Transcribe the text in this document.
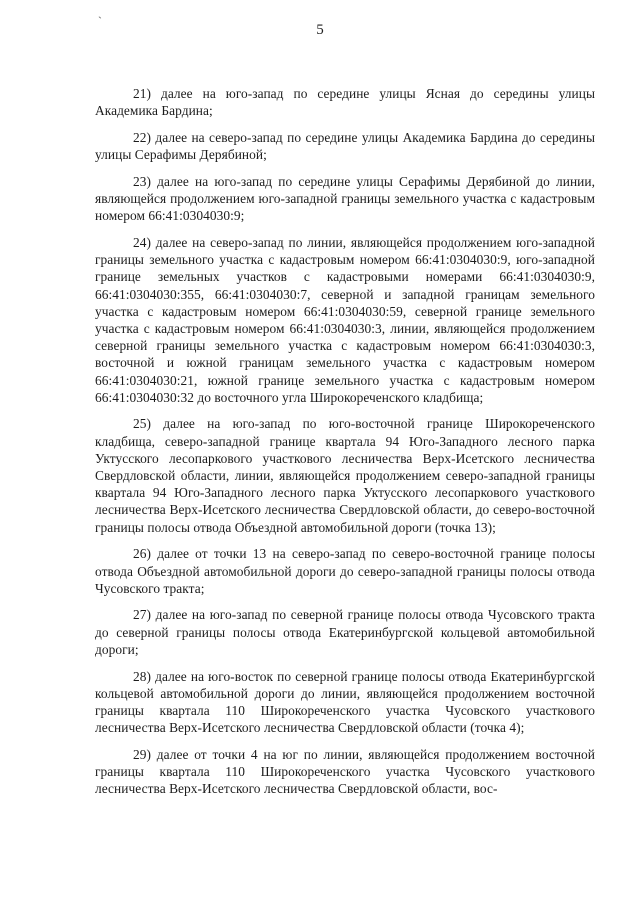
`
5

21) далее на юго-запад по середине улицы Ясная до середины улицы Академика Бардина;

22) далее на северо-запад по середине улицы Академика Бардина до середины улицы Серафимы Дерябиной;

23) далее на юго-запад по середине улицы Серафимы Дерябиной до линии, являющейся продолжением юго-западной границы земельного участка с кадастровым номером 66:41:0304030:9;

24) далее на северо-запад по линии, являющейся продолжением юго-западной границы земельного участка с кадастровым номером 66:41:0304030:9, юго-западной границе земельных участков с кадастровыми номерами 66:41:0304030:9, 66:41:0304030:355, 66:41:0304030:7, северной и западной границам земельного участка с кадастровым номером 66:41:0304030:59, северной границе земельного участка с кадастровым номером 66:41:0304030:3, линии, являющейся продолжением северной границы земельного участка с кадастровым номером 66:41:0304030:3, восточной и южной границам земельного участка с кадастровым номером 66:41:0304030:21, южной границе земельного участка с кадастровым номером 66:41:0304030:32 до восточного угла Широкореченского кладбища;

25) далее на юго-запад по юго-восточной границе Широкореченского кладбища, северо-западной границе квартала 94 Юго-Западного лесного парка Уктусского лесопаркового участкового лесничества Верх-Исетского лесничества Свердловской области, линии, являющейся продолжением северо-западной границы квартала 94 Юго-Западного лесного парка Уктусского лесопаркового участкового лесничества Верх-Исетского лесничества Свердловской области, до северо-восточной границы полосы отвода Объездной автомобильной дороги (точка 13);

26) далее от точки 13 на северо-запад по северо-восточной границе полосы отвода Объездной автомобильной дороги до северо-западной границы полосы отвода Чусовского тракта;

27) далее на юго-запад по северной границе полосы отвода Чусовского тракта до северной границы полосы отвода Екатеринбургской кольцевой автомобильной дороги;

28) далее на юго-восток по северной границе полосы отвода Екатеринбургской кольцевой автомобильной дороги до линии, являющейся продолжением восточной границы квартала 110 Широкореченского участка Чусовского участкового лесничества Верх-Исетского лесничества Свердловской области (точка 4);

29) далее от точки 4 на юг по линии, являющейся продолжением восточной границы квартала 110 Широкореченского участка Чусовского участкового лесничества Верх-Исетского лесничества Свердловской области, вос-
